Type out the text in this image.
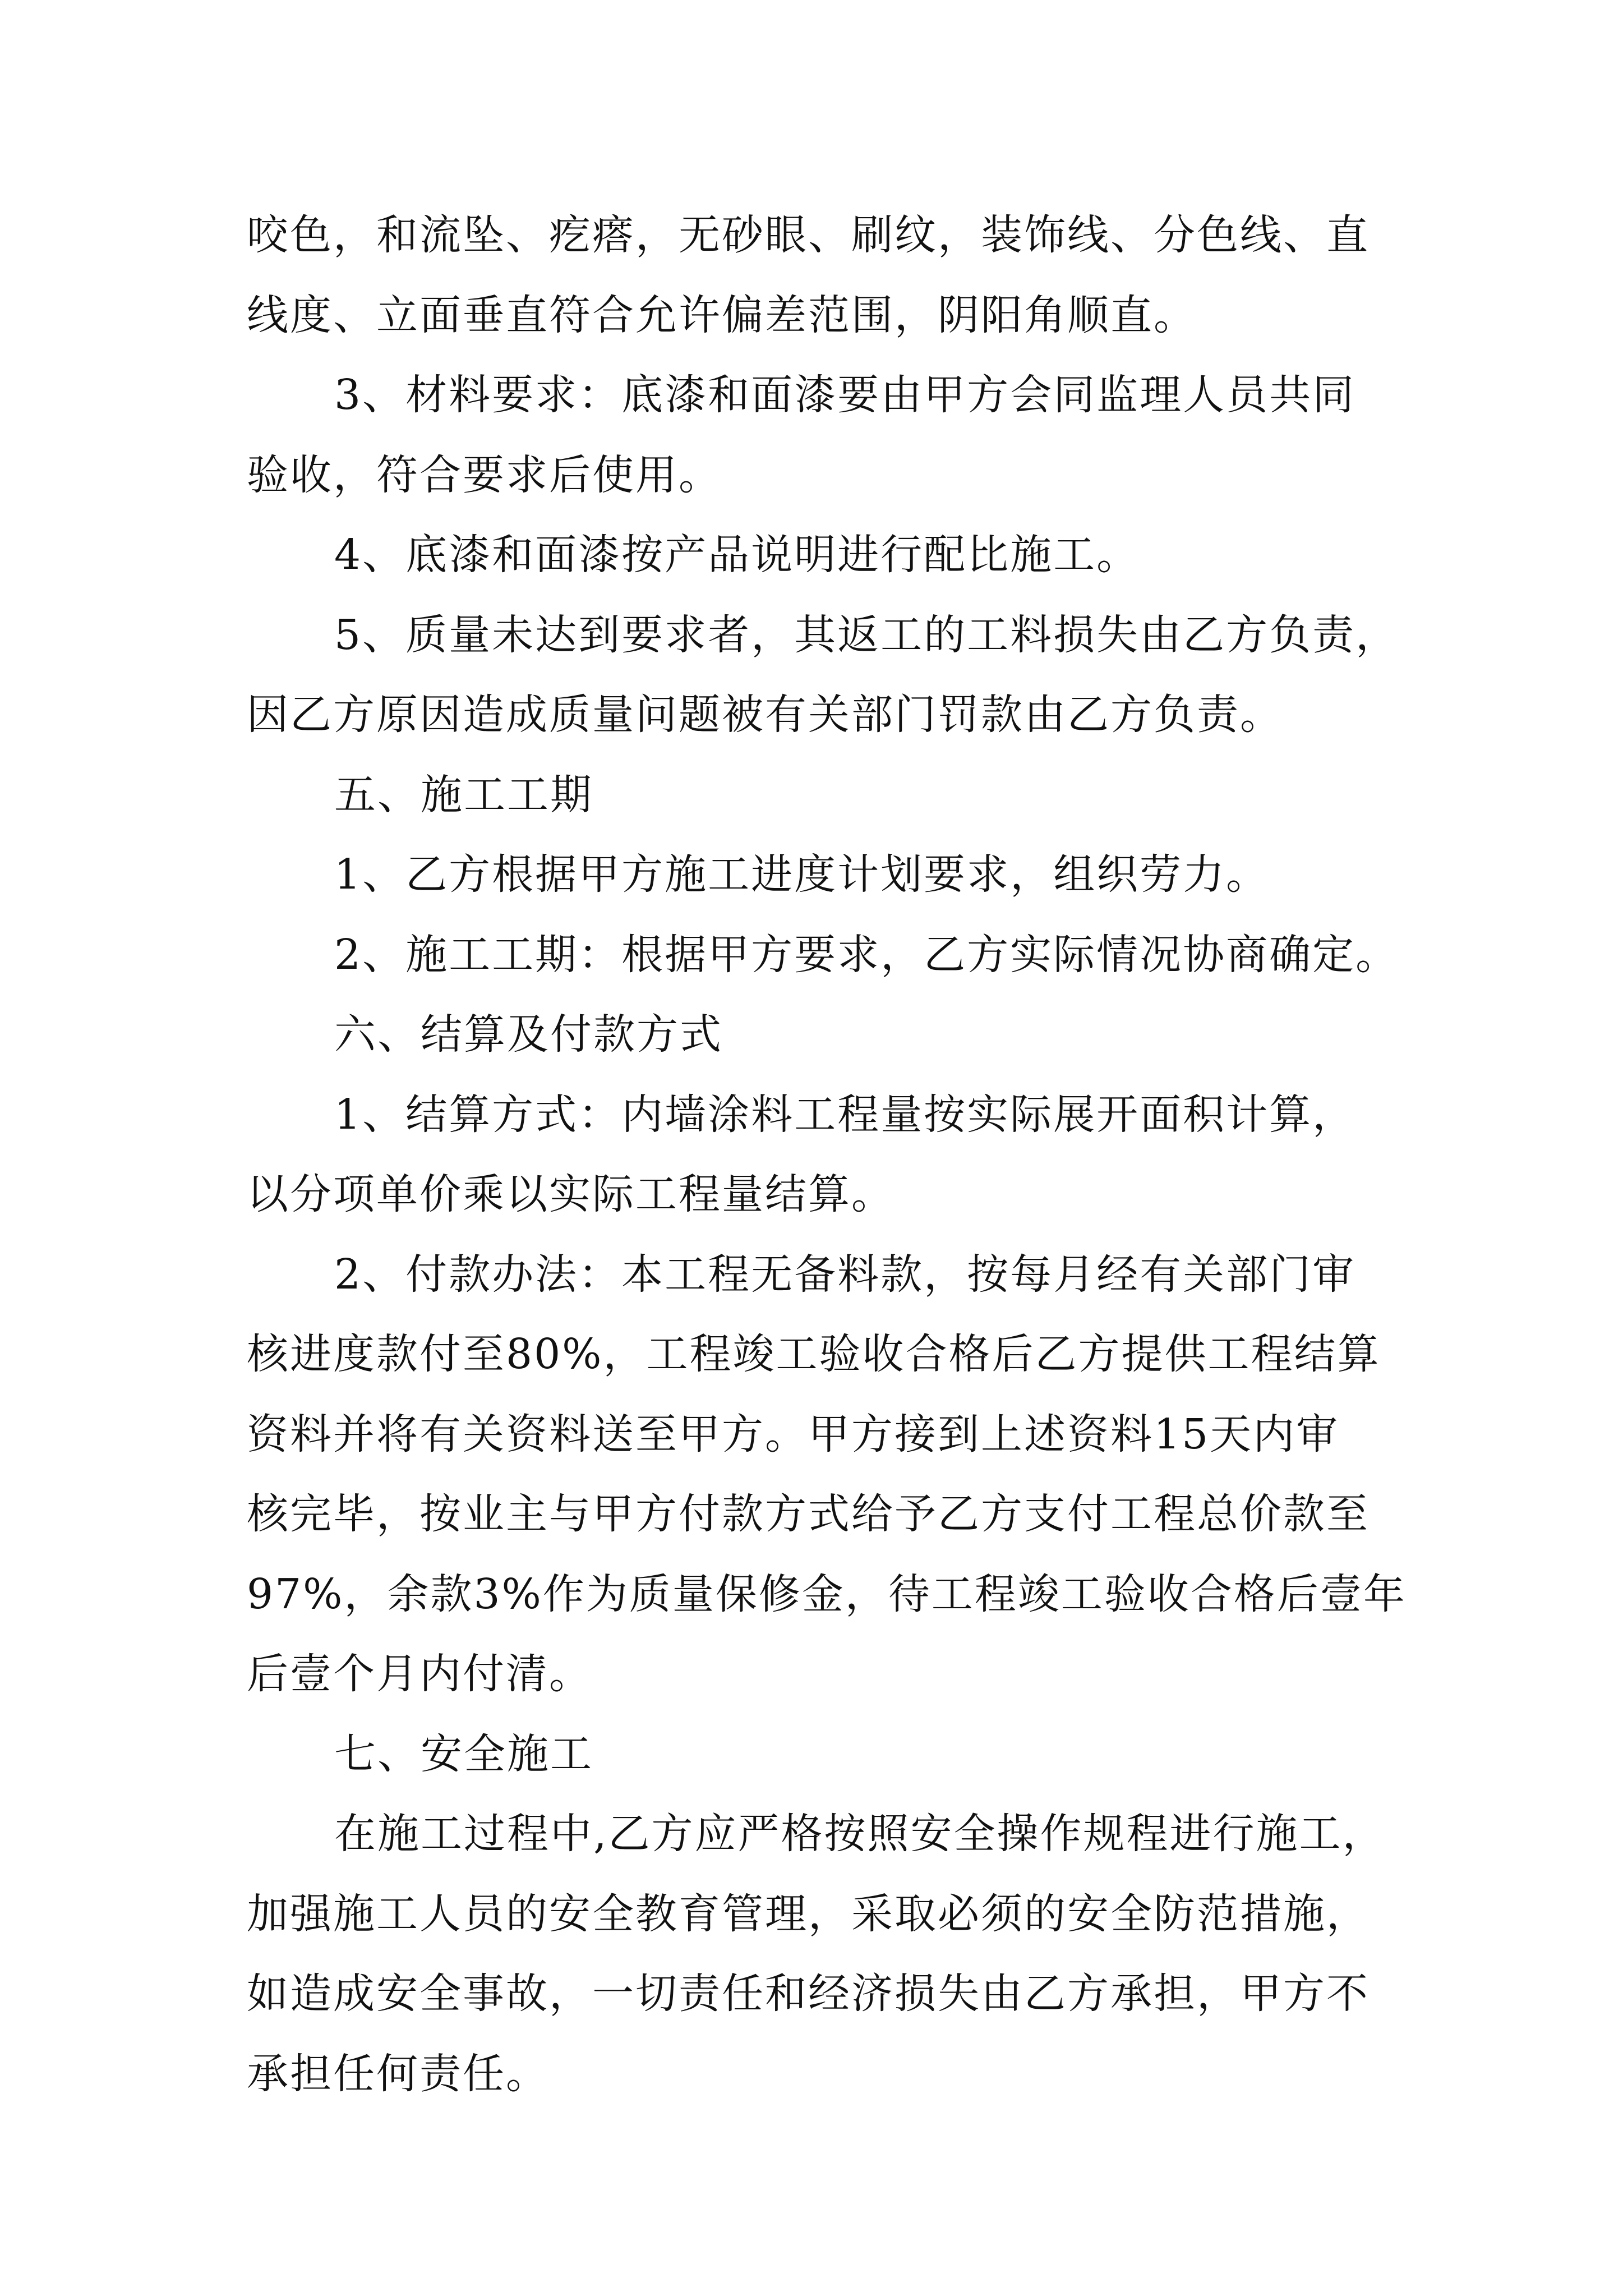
咬色，和流坠、疙瘩，无砂眼、刷纹，装饰线、分色线、直
线度、立面垂直符合允许偏差范围，阴阳角顺直。
3、材料要求：底漆和面漆要由甲方会同监理人员共同
验收，符合要求后使用。
4、底漆和面漆按产品说明进行配比施工。
5、质量未达到要求者，其返工的工料损失由乙方负责，
因乙方原因造成质量问题被有关部门罚款由乙方负责。
五、施工工期
1、乙方根据甲方施工进度计划要求，组织劳力。
2、施工工期：根据甲方要求，乙方实际情况协商确定。
六、结算及付款方式
1、结算方式：内墙涂料工程量按实际展开面积计算，
以分项单价乘以实际工程量结算。
2、付款办法：本工程无备料款，按每月经有关部门审
核进度款付至80%，工程竣工验收合格后乙方提供工程结算
资料并将有关资料送至甲方。甲方接到上述资料15天内审
核完毕，按业主与甲方付款方式给予乙方支付工程总价款至
97%，余款3%作为质量保修金，待工程竣工验收合格后壹年
后壹个月内付清。
七、安全施工
在施工过程中,乙方应严格按照安全操作规程进行施工，
加强施工人员的安全教育管理，采取必须的安全防范措施，
如造成安全事故，一切责任和经济损失由乙方承担，甲方不
承担任何责任。
